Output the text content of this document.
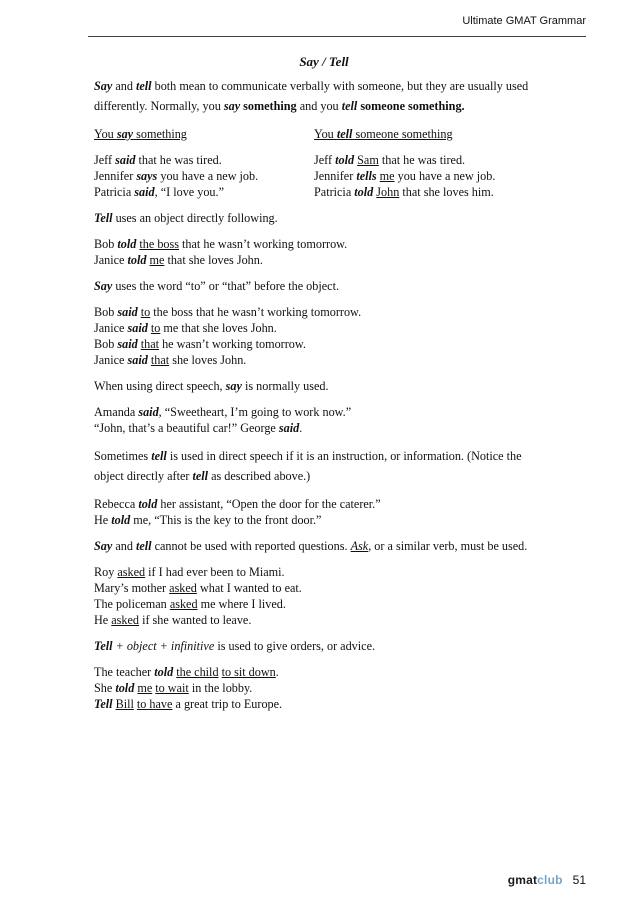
Ultimate GMAT Grammar
Say / Tell

Say and tell both mean to communicate verbally with someone, but they are usually used differently. Normally, you say something and you tell someone something.

You say something
Jeff said that he was tired.
Jennifer says you have a new job.
Patricia said, “I love you.”
You tell someone something
Jeff told Sam that he was tired.
Jennifer tells me you have a new job.
Patricia told John that she loves him.

Tell uses an object directly following.

Bob told the boss that he wasn’t working tomorrow.
Janice told me that she loves John.

Say uses the word “to” or “that” before the object.

Bob said to the boss that he wasn’t working tomorrow.
Janice said to me that she loves John.
Bob said that he wasn’t working tomorrow.
Janice said that she loves John.

When using direct speech, say is normally used.

Amanda said, “Sweetheart, I’m going to work now.”
“John, that’s a beautiful car!” George said.

Sometimes tell is used in direct speech if it is an instruction, or information. (Notice the object directly after tell as described above.)

Rebecca told her assistant, “Open the door for the caterer.”
He told me, “This is the key to the front door.”

Say and tell cannot be used with reported questions. Ask, or a similar verb, must be used.

Roy asked if I had ever been to Miami.
Mary’s mother asked what I wanted to eat.
The policeman asked me where I lived.
He asked if she wanted to leave.

Tell + object + infinitive is used to give orders, or advice.

The teacher told the child to sit down.
She told me to wait in the lobby.
Tell Bill to have a great trip to Europe.

gmatclub 51
